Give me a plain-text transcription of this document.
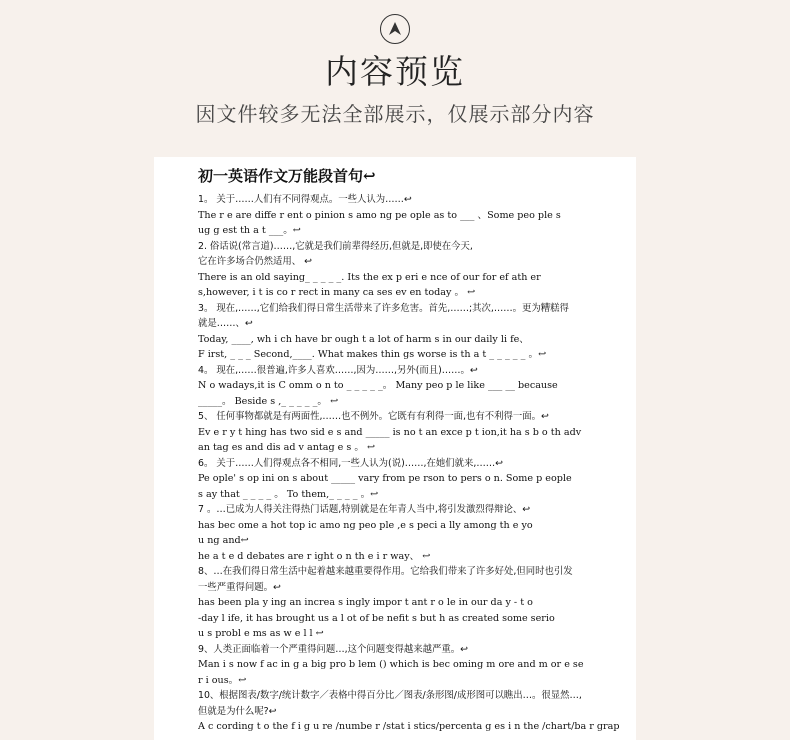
内容预览
因文件较多无法全部展示，仅展示部分内容
初一英语作文万能段首句↩
1。 关于……人们有不同得观点。一些人认为……↩
The r e are diffe r ent o pinion s amo ng pe ople as to ___ 、Some peo ple s
ug g est th a t ___。↩
2. 俗话说(常言道)……,它就是我们前辈得经历,但就是,即使在今天,
它在许多场合仍然适用、 ↩
There is an old saying_ _ _ _ _. Its the ex p eri e nce of our for ef ath er
s,however, i t is co r rect in many ca ses ev en today 。 ↩
3。 现在,……,它们给我们得日常生活带来了许多危害。首先,……;其次,……。更为糟糕得
就是……、↩
Today, ____, wh i ch have br ough t a lot of harm s in our daily li fe、
F irst, _ _ _ Second,____. What makes thin gs worse is th a t _ _ _ _ _ 。↩
4。 现在,……很普遍,许多人喜欢……,因为……,另外(而且)……。↩
N o wadays,it is C omm o n to _ _ _ _ _。 Many peo p le like ___ __ because
_____。 Beside s ,_ _ _ _ _。 ↩
5、 任何事物都就是有两面性,……也不例外。它既有有利得一面,也有不利得一面。↩
Ev e r y t hing has two sid e s and _____ is no t an exce p t ion,it ha s b o th adv
an tag es and dis ad v antag e s 。 ↩
6。 关于……人们得观点各不相同,一些人认为(说)……,在她们就来,……↩
Pe ople' s op ini on s about _____ vary from pe rson to pers o n. Some p eople
s ay that _ _ _ _ 。 To them,_ _ _ _ 。↩
7 。…已成为人得关注得热门话题,特别就是在年青人当中,将引发激烈得辩论、↩
has bec ome a hot top ic amo ng peo ple ,e s peci a lly among th e yo
u ng and↩
he a t e d debates are r ight o n th e i r way、 ↩
8、…在我们得日常生活中起着越来越重要得作用。它给我们带来了许多好处,但同时也引发
一些严重得问题。↩
has been pla y ing an increa s ingly impor t ant r o le in our da y - t o
-day l ife, it has brought us a l ot of be nefit s but h as created some serio
u s probl e ms as w e l l ↩
9、人类正面临着一个严重得问题…,这个问题变得越来越严重。↩
Man i s now f ac in g a big pro b lem () which is bec oming m ore and m or e se
r i ous。↩
10、根据图表/数字/统计数字／表格中得百分比／图表/条形图/成形图可以瞧出…。很显然…,
但就是为什么呢?↩
A c cording t o the f i g u re /numbe r /stat i stics/percenta g es i n the /chart/ba r grap
